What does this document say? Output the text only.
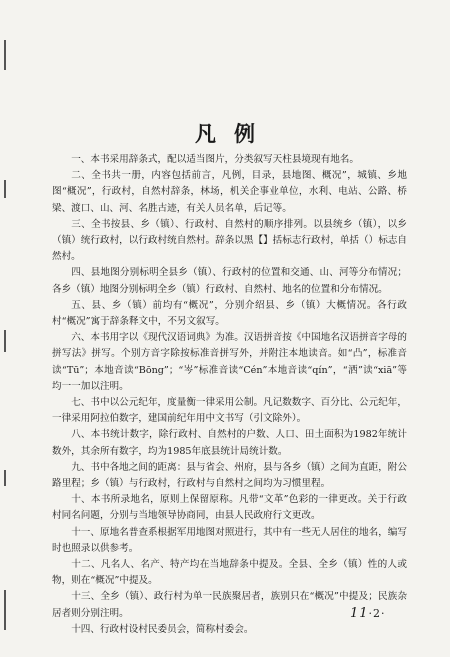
凡例

一、本书采用辞条式，配以适当图片，分类叙写天柱县境现有地名。

二、全书共一册，内容包括前言，凡例，目录，县地图、概况”，城镇、乡地图“概况”，行政村，自然村辞条，林场，机关企事业单位，水利、电站、公路、桥梁、渡口、山、河、名胜古迹，有关人员名单，后记等。

三、全书按县、乡（镇）、行政村、自然村的顺序排列。以县统乡（镇），以乡（镇）统行政村，以行政村统自然村。辞条以黑【】括标志行政村，单括（）标志自然村。

四、县地图分别标明全县乡（镇）、行政村的位置和交通、山、河等分布情况；各乡（镇）地图分别标明全乡（镇）行政村、自然村、地名的位置和分布情况。

五、县、乡（镇）前均有“概况”，分别介绍县、乡（镇）大概情况。各行政村“概况”寓于辞条释文中，不另文叙写。

六、本书用字以《现代汉语词典》为准。汉语拼音按《中国地名汉语拼音字母的拼写法》拼写。个别方音字除按标准音拼写外，并附注本地读音。如“凸”，标准音读“Tū”；本地音读“Bōng”；“岑”标准音读“Cén”本地音读“qín”，“洒”读“xiā”等均一一加以注明。

七、书中以公元纪年，度量衡一律采用公制。凡记数数字、百分比、公元纪年，一律采用阿拉伯数字，建国前纪年用中文书写（引文除外）。

八、本书统计数字，除行政村、自然村的户数、人口、田土面积为1982年统计数外，其余所有数字，均为1985年底县统计局统计数。

九、书中各地之间的距离：县与省会、州府，县与各乡（镇）之间为直距，附公路里程；乡（镇）与行政村，行政村与自然村之间均为习惯里程。

十、本书所录地名，原则上保留原称。凡带“文革”色彩的一律更改。关于行政村同名问题，分别与当地领导协商同，由县人民政府行文更改。

十一、原地名普查系根据军用地图对照进行，其中有一些无人居住的地名，编写时也照录以供参考。

十二、凡名人、名产、特产均在当地辞条中提及。全县、全乡（镇）性的人或物，则在“概况”中提及。

十三、全乡（镇）、政行村为单一民族聚居者，族别只在“概况”中提及；民族杂居者则分别注明。

十四、行政村设村民委员会，简称村委会。

11·2·
